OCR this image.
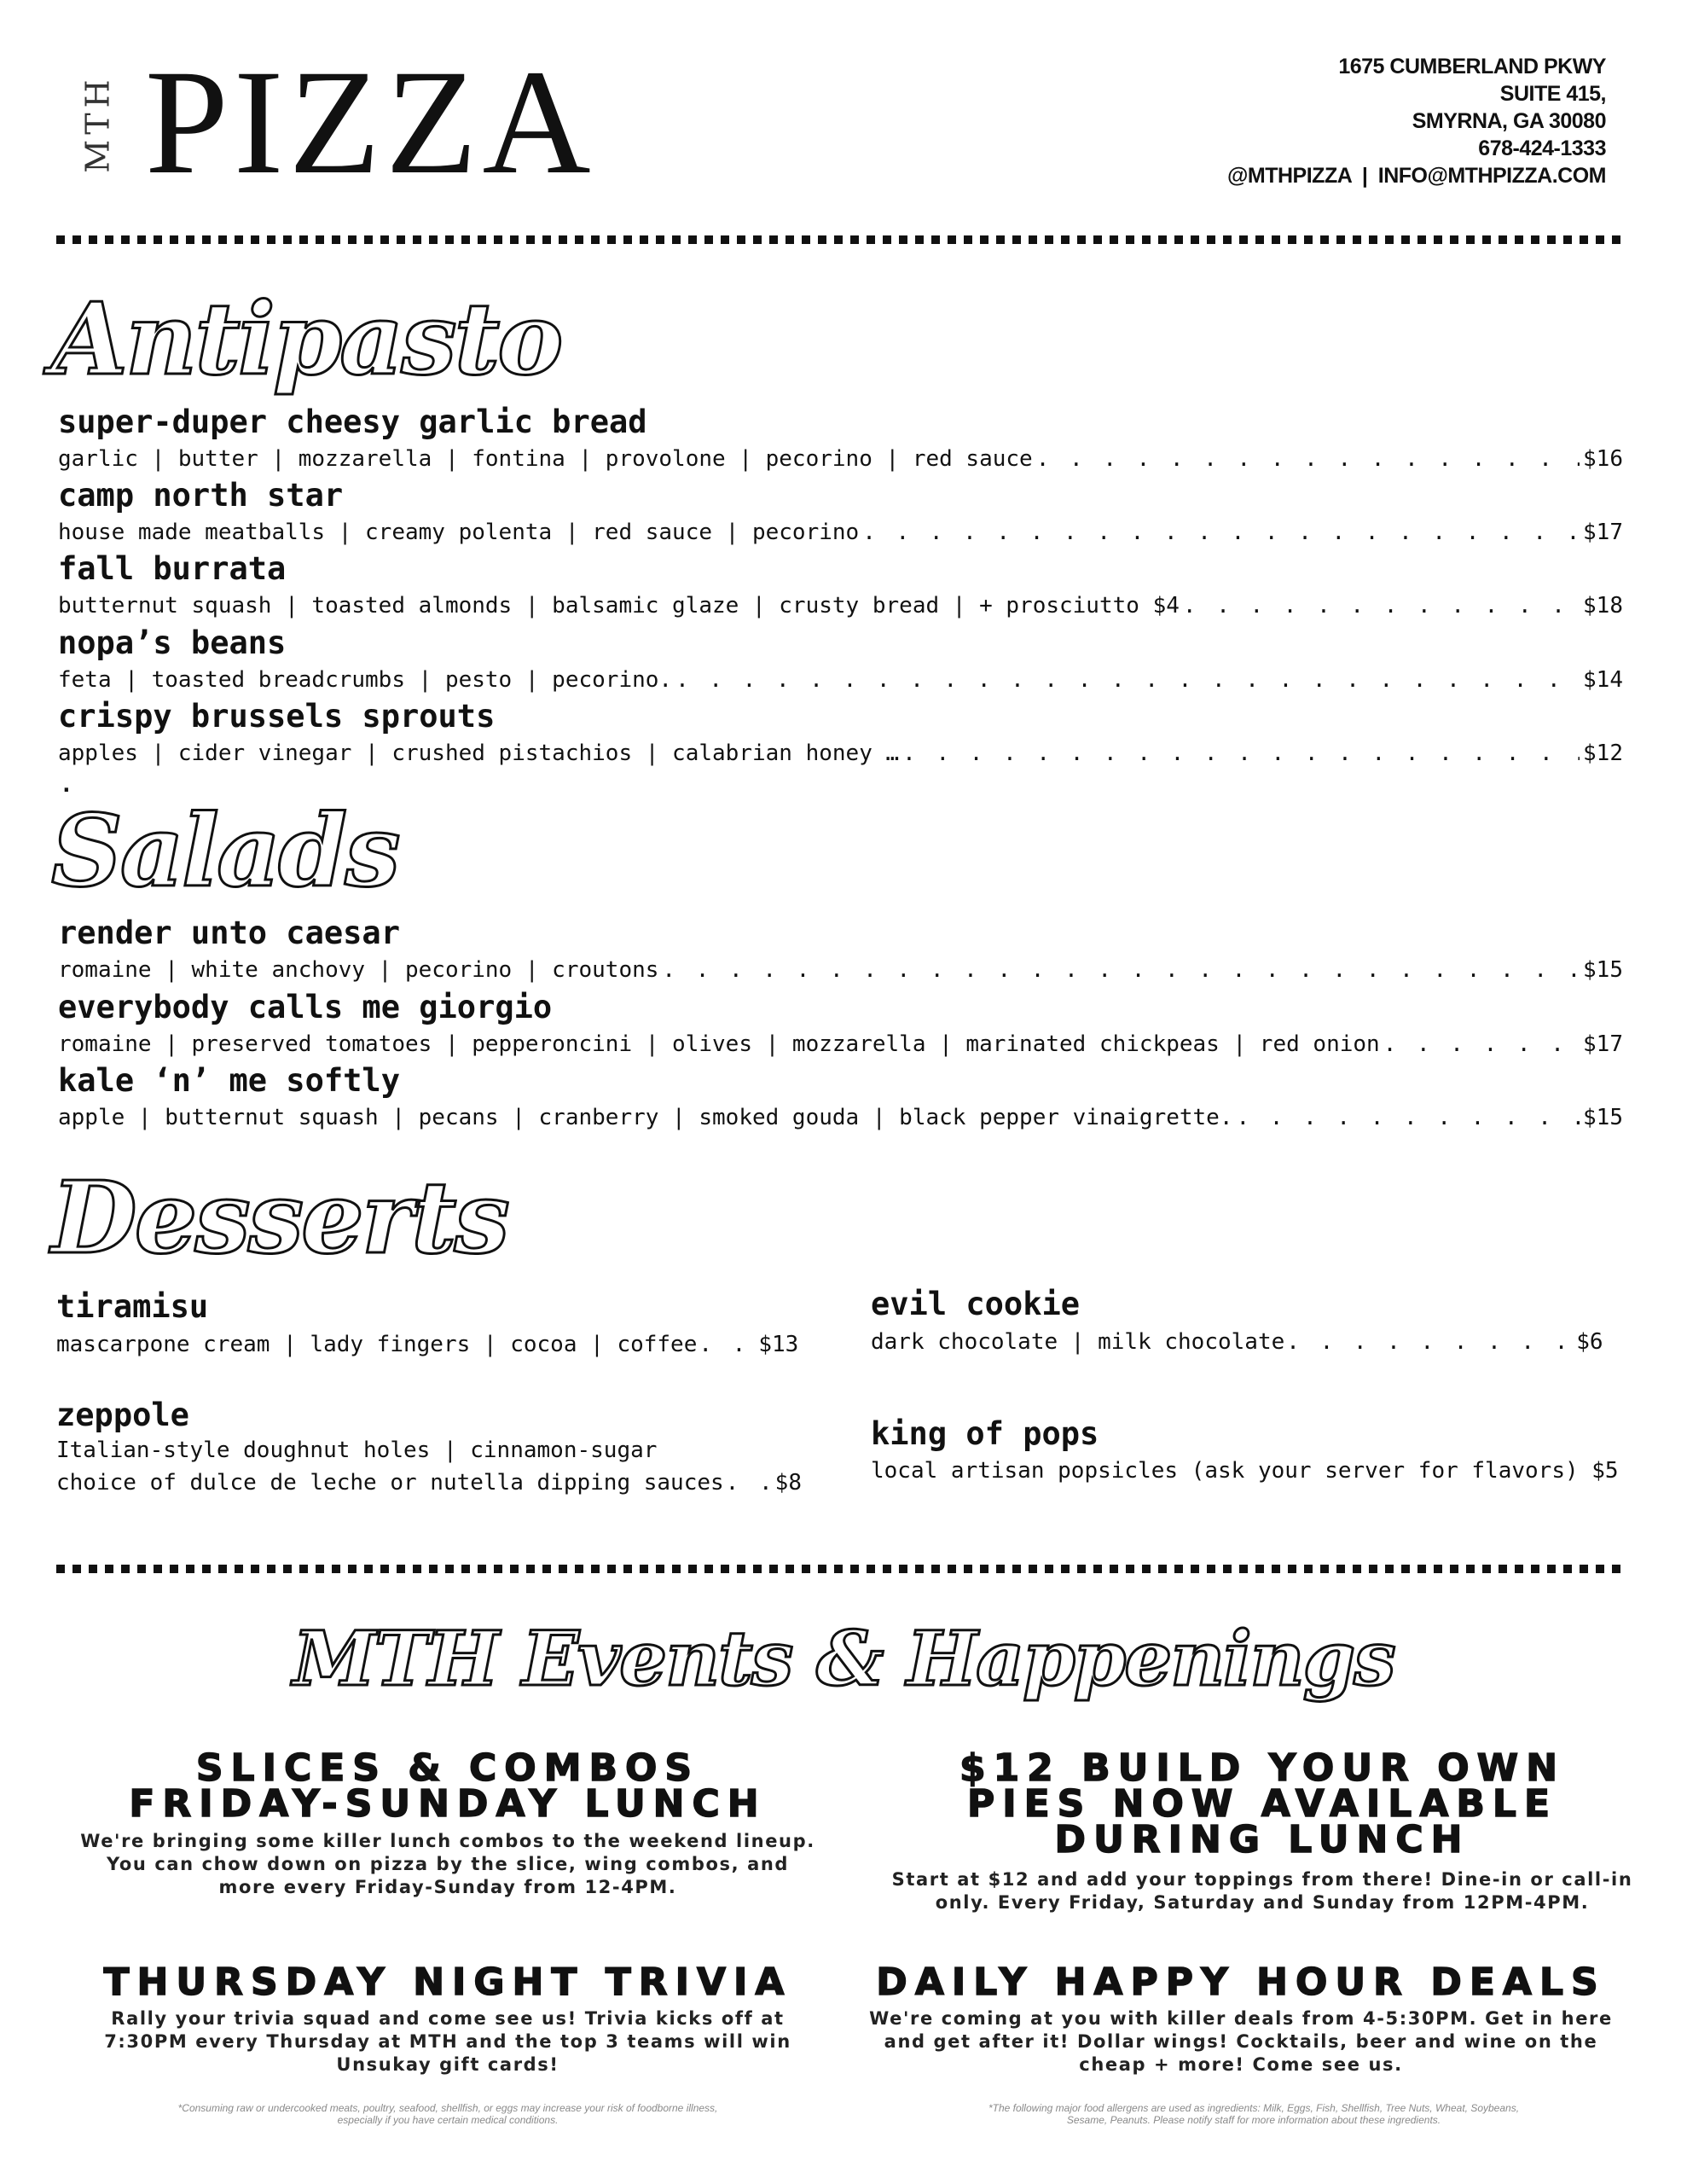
MTH PIZZA	1675 CUMBERLAND PKWY
SUITE 415,
SMYRNA, GA 30080
678-424-1333
@MTHPIZZA | INFO@MTHPIZZA.COM
Antipasto
super-duper cheesy garlic bread
garlic | butter | mozzarella | fontina | provolone | pecorino | red sauce . . .	$16
camp north star
house made meatballs | creamy polenta | red sauce | pecorino . . .	$17
fall burrata
butternut squash | toasted almonds | balsamic glaze | crusty bread | + prosciutto $4 . . .	$18
nopa’s beans
feta | toasted breadcrumbs | pesto | pecorino. . . .	$14
crispy brussels sprouts
apples | cider vinegar | crushed pistachios | calabrian honey … . . .	$12
.
Salads
render unto caesar
romaine | white anchovy | pecorino | croutons . . .	$15
everybody calls me giorgio
romaine | preserved tomatoes | pepperoncini | olives | mozzarella | marinated chickpeas | red onion . . .	$17
kale ‘n’ me softly
apple | butternut squash | pecans | cranberry | smoked gouda | black pepper vinaigrette. . . .	$15
Desserts
tiramisu
mascarpone cream | lady fingers | cocoa | coffee . . .	$13
zeppole
Italian-style doughnut holes | cinnamon-sugar
choice of dulce de leche or nutella dipping sauces . . . $8
evil cookie
dark chocolate | milk chocolate . . .	$6
king of pops
local artisan popsicles (ask your server for flavors) $5
MTH Events & Happenings
SLICES & COMBOS
FRIDAY-SUNDAY LUNCH
We're bringing some killer lunch combos to the weekend lineup.
You can chow down on pizza by the slice, wing combos, and
more every Friday-Sunday from 12-4PM.
$12 BUILD YOUR OWN
PIES NOW AVAILABLE
DURING LUNCH
Start at $12 and add your toppings from there! Dine-in or call-in
only. Every Friday, Saturday and Sunday from 12PM-4PM.
THURSDAY NIGHT TRIVIA
Rally your trivia squad and come see us! Trivia kicks off at
7:30PM every Thursday at MTH and the top 3 teams will win
Unsukay gift cards!
DAILY HAPPY HOUR DEALS
We're coming at you with killer deals from 4-5:30PM. Get in here
and get after it! Dollar wings! Cocktails, beer and wine on the
cheap + more! Come see us.
*Consuming raw or undercooked meats, poultry, seafood, shellfish, or eggs may increase your risk of foodborne illness,
especially if you have certain medical conditions.
*The following major food allergens are used as ingredients: Milk, Eggs, Fish, Shellfish, Tree Nuts, Wheat, Soybeans,
Sesame, Peanuts. Please notify staff for more information about these ingredients.
